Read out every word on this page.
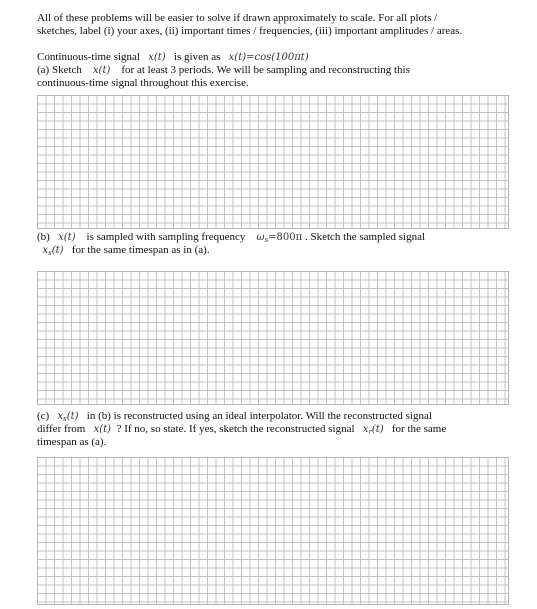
All of these problems will be easier to solve if drawn approximately to scale. For all plots /
sketches, label (i) your axes, (ii) important times / frequencies, (iii) important amplitudes / areas.
Continuous-time signal x(t) is given as x(t)=cos(100πt)
(a) Sketch x(t) for at least 3 periods. We will be sampling and reconstructing this
continuous-time signal throughout this exercise.
(b) x(t) is sampled with sampling frequency $\omega_s=800\pi$ . Sketch the sampled signal
$x_s(t)$ for the same timespan as in (a).
(c) $x_s(t)$ in (b) is reconstructed using an ideal interpolator. Will the reconstructed signal
differ from x(t) ? If no, so state. If yes, sketch the reconstructed signal $x_r(t)$ for the same
timespan as (a).
